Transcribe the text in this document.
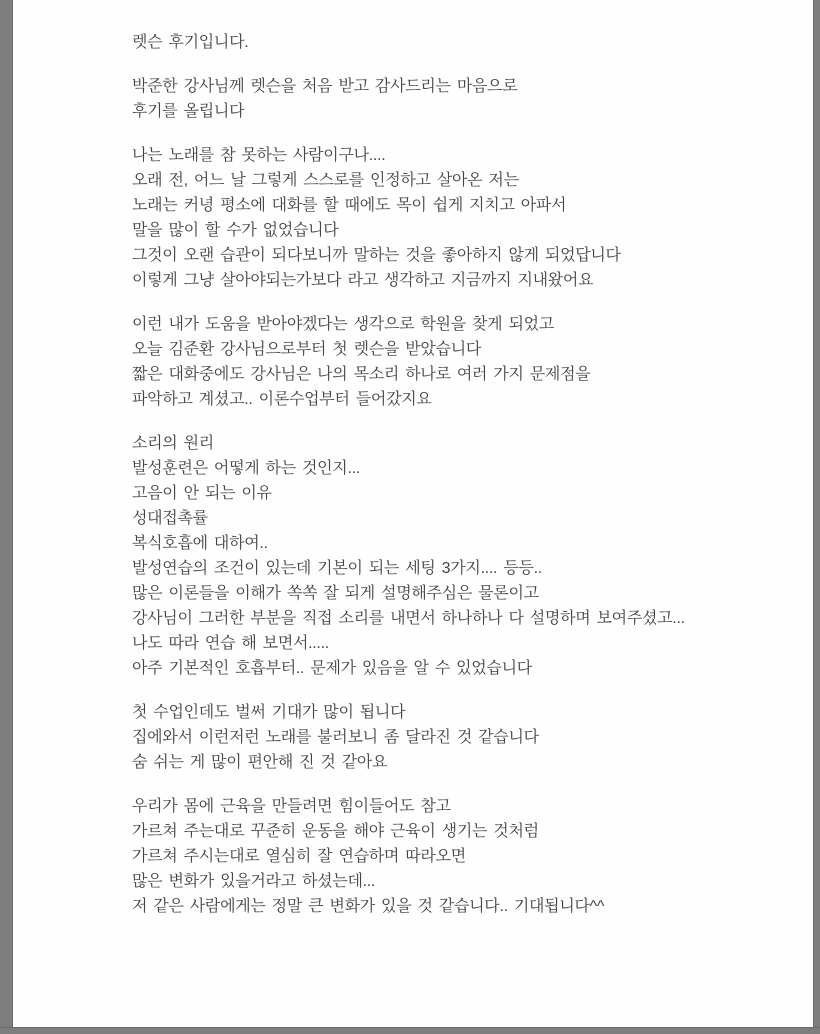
렛슨 후기입니다.
박준한 강사님께 렛슨을 처음 받고 감사드리는 마음으로
후기를 올립니다
나는 노래를 참 못하는 사람이구나....
오래 전, 어느 날 그렇게 스스로를 인정하고 살아온 저는
노래는 커녕 평소에 대화를 할 때에도 목이 쉽게 지치고 아파서
말을 많이 할 수가 없었습니다
그것이 오랜 습관이 되다보니까 말하는 것을 좋아하지 않게 되었답니다
이렇게 그냥 살아야되는가보다 라고 생각하고 지금까지 지내왔어요
이런 내가 도움을 받아야겠다는 생각으로 학원을 찾게 되었고
오늘 김준환 강사님으로부터 첫 렛슨을 받았습니다
짧은 대화중에도 강사님은 나의 목소리 하나로 여러 가지 문제점을
파악하고 계셨고.. 이론수업부터 들어갔지요
소리의 원리
발성훈련은 어떻게 하는 것인지...
고음이 안 되는 이유
성대접촉률
복식호흡에 대하여..
발성연습의 조건이 있는데 기본이 되는 세팅 3가지.... 등등..
많은 이론들을 이해가 쏙쏙 잘 되게 설명해주심은 물론이고
강사님이 그러한 부분을 직접 소리를 내면서 하나하나 다 설명하며 보여주셨고...
나도 따라 연습 해 보면서.....
아주 기본적인 호흡부터.. 문제가 있음을 알 수 있었습니다
첫 수업인데도 벌써 기대가 많이 됩니다
집에와서 이런저런 노래를 불러보니 좀 달라진 것 같습니다
숨 쉬는 게 많이 편안해 진 것 같아요
우리가 몸에 근육을 만들려면 힘이들어도 참고
가르쳐 주는대로 꾸준히 운동을 해야 근육이 생기는 것처럼
가르쳐 주시는대로 열심히 잘 연습하며 따라오면
많은 변화가 있을거라고 하셨는데...
저 같은 사람에게는 정말 큰 변화가 있을 것 같습니다.. 기대됩니다^^
